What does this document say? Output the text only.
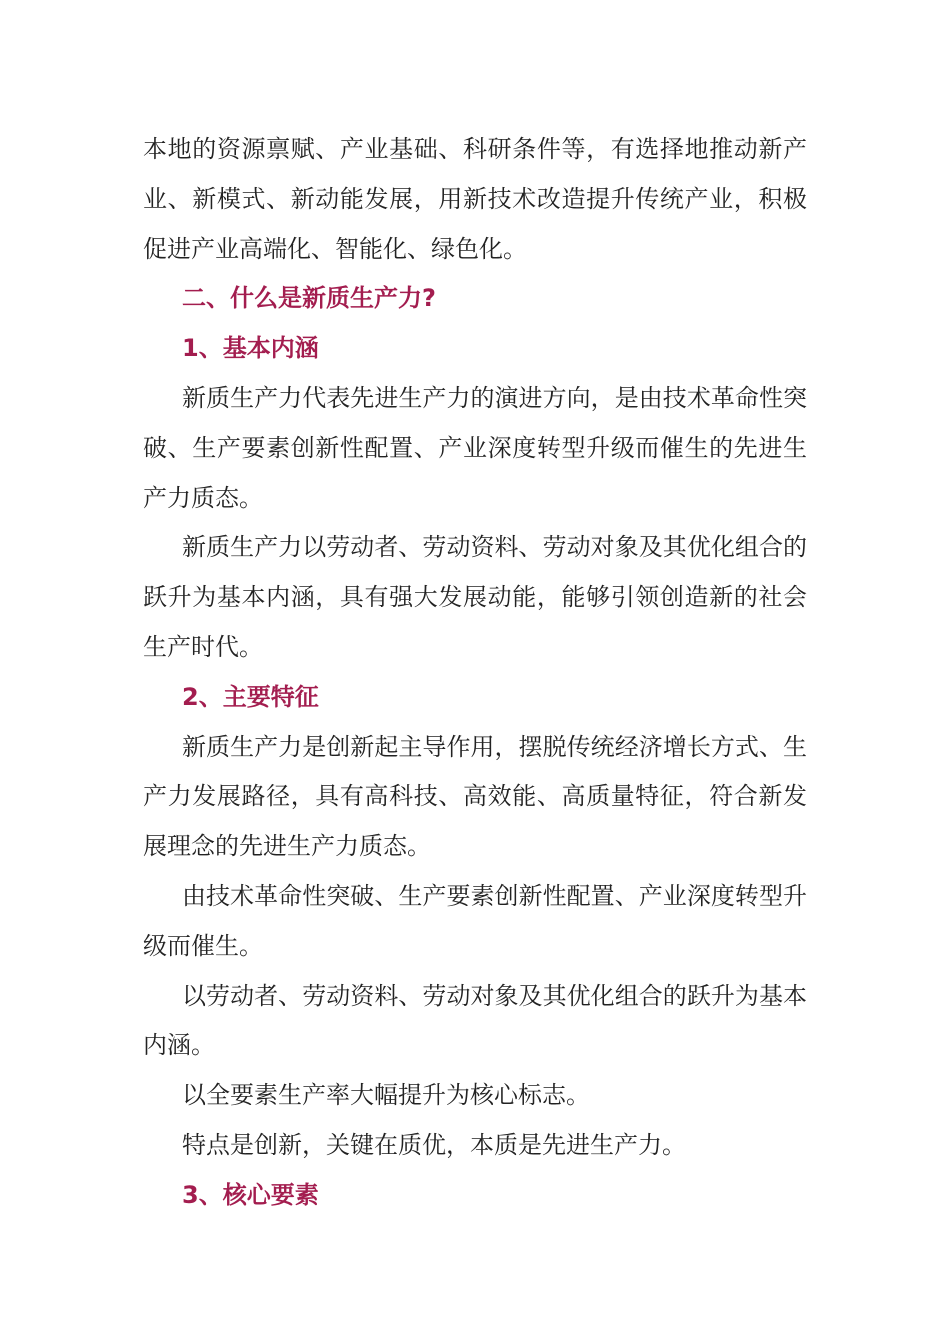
本地的资源禀赋、产业基础、科研条件等，有选择地推动新产业、新模式、新动能发展，用新技术改造提升传统产业，积极促进产业高端化、智能化、绿色化。

二、什么是新质生产力?

1、基本内涵

新质生产力代表先进生产力的演进方向，是由技术革命性突破、生产要素创新性配置、产业深度转型升级而催生的先进生产力质态。

新质生产力以劳动者、劳动资料、劳动对象及其优化组合的跃升为基本内涵，具有强大发展动能，能够引领创造新的社会生产时代。

2、主要特征

新质生产力是创新起主导作用，摆脱传统经济增长方式、生产力发展路径，具有高科技、高效能、高质量特征，符合新发展理念的先进生产力质态。

由技术革命性突破、生产要素创新性配置、产业深度转型升级而催生。

以劳动者、劳动资料、劳动对象及其优化组合的跃升为基本内涵。

以全要素生产率大幅提升为核心标志。

特点是创新，关键在质优，本质是先进生产力。

3、核心要素
